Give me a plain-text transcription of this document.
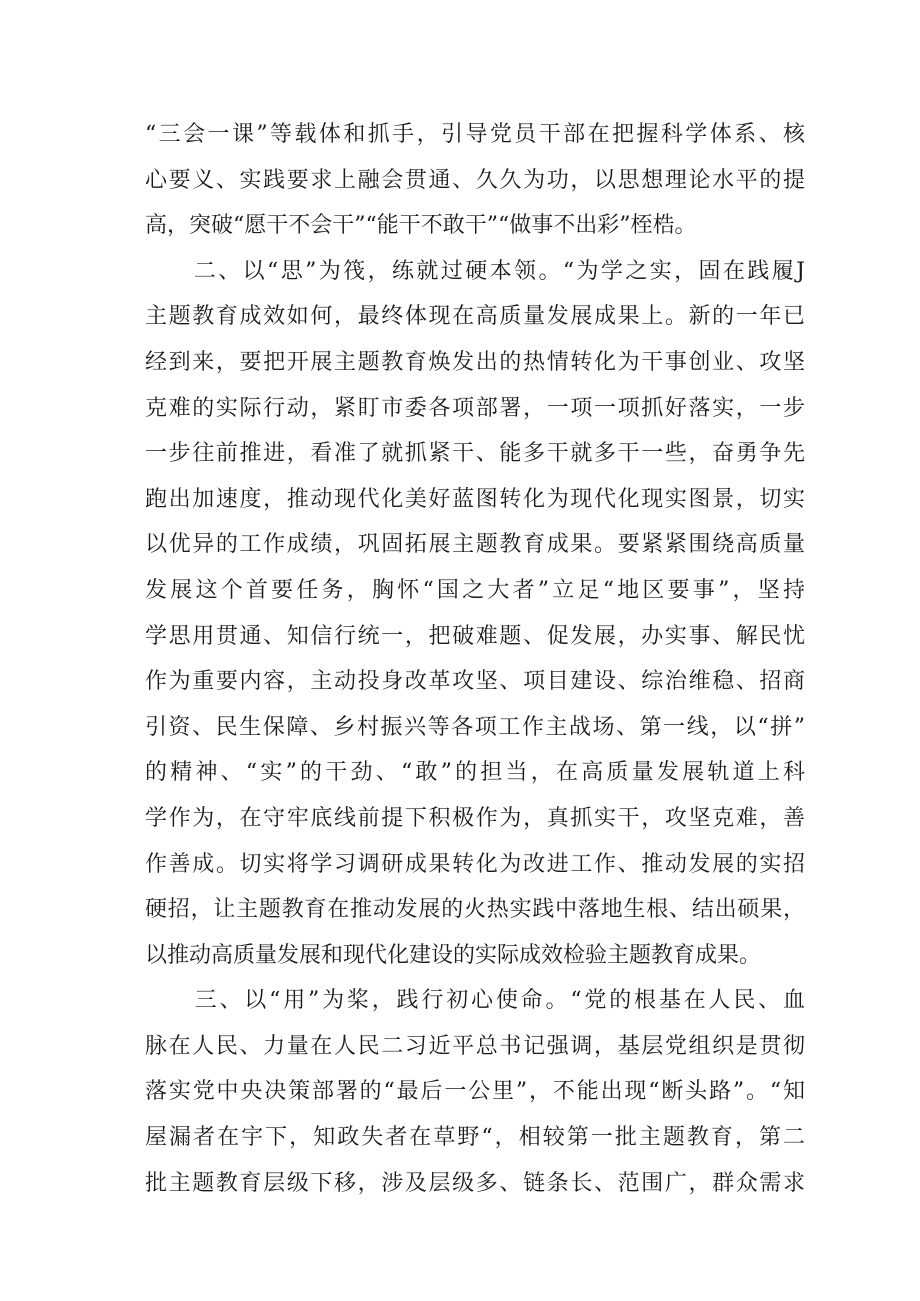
“三会一课”等载体和抓手，引导党员干部在把握科学体系、核
心要义、实践要求上融会贯通、久久为功，以思想理论水平的提
高，突破“愿干不会干”“能干不敢干”“做事不出彩”桎梏。
　　二、以“思”为筏，练就过硬本领。“为学之实，固在践履J
主题教育成效如何，最终体现在高质量发展成果上。新的一年已
经到来，要把开展主题教育焕发出的热情转化为干事创业、攻坚
克难的实际行动，紧盯市委各项部署，一项一项抓好落实，一步
一步往前推进，看准了就抓紧干、能多干就多干一些，奋勇争先
跑出加速度，推动现代化美好蓝图转化为现代化现实图景，切实
以优异的工作成绩，巩固拓展主题教育成果。要紧紧围绕高质量
发展这个首要任务，胸怀“国之大者”立足“地区要事”，坚持
学思用贯通、知信行统一，把破难题、促发展，办实事、解民忧
作为重要内容，主动投身改革攻坚、项目建设、综治维稳、招商
引资、民生保障、乡村振兴等各项工作主战场、第一线，以“拼”
的精神、“实”的干劲、“敢”的担当，在高质量发展轨道上科
学作为，在守牢底线前提下积极作为，真抓实干，攻坚克难，善
作善成。切实将学习调研成果转化为改进工作、推动发展的实招
硬招，让主题教育在推动发展的火热实践中落地生根、结出硕果，
以推动高质量发展和现代化建设的实际成效检验主题教育成果。
　　三、以“用”为桨，践行初心使命。“党的根基在人民、血
脉在人民、力量在人民二习近平总书记强调，基层党组织是贯彻
落实党中央决策部署的“最后一公里”，不能出现“断头路”。“知
屋漏者在宇下，知政失者在草野“，相较第一批主题教育，第二
批主题教育层级下移，涉及层级多、链条长、范围广，群众需求
